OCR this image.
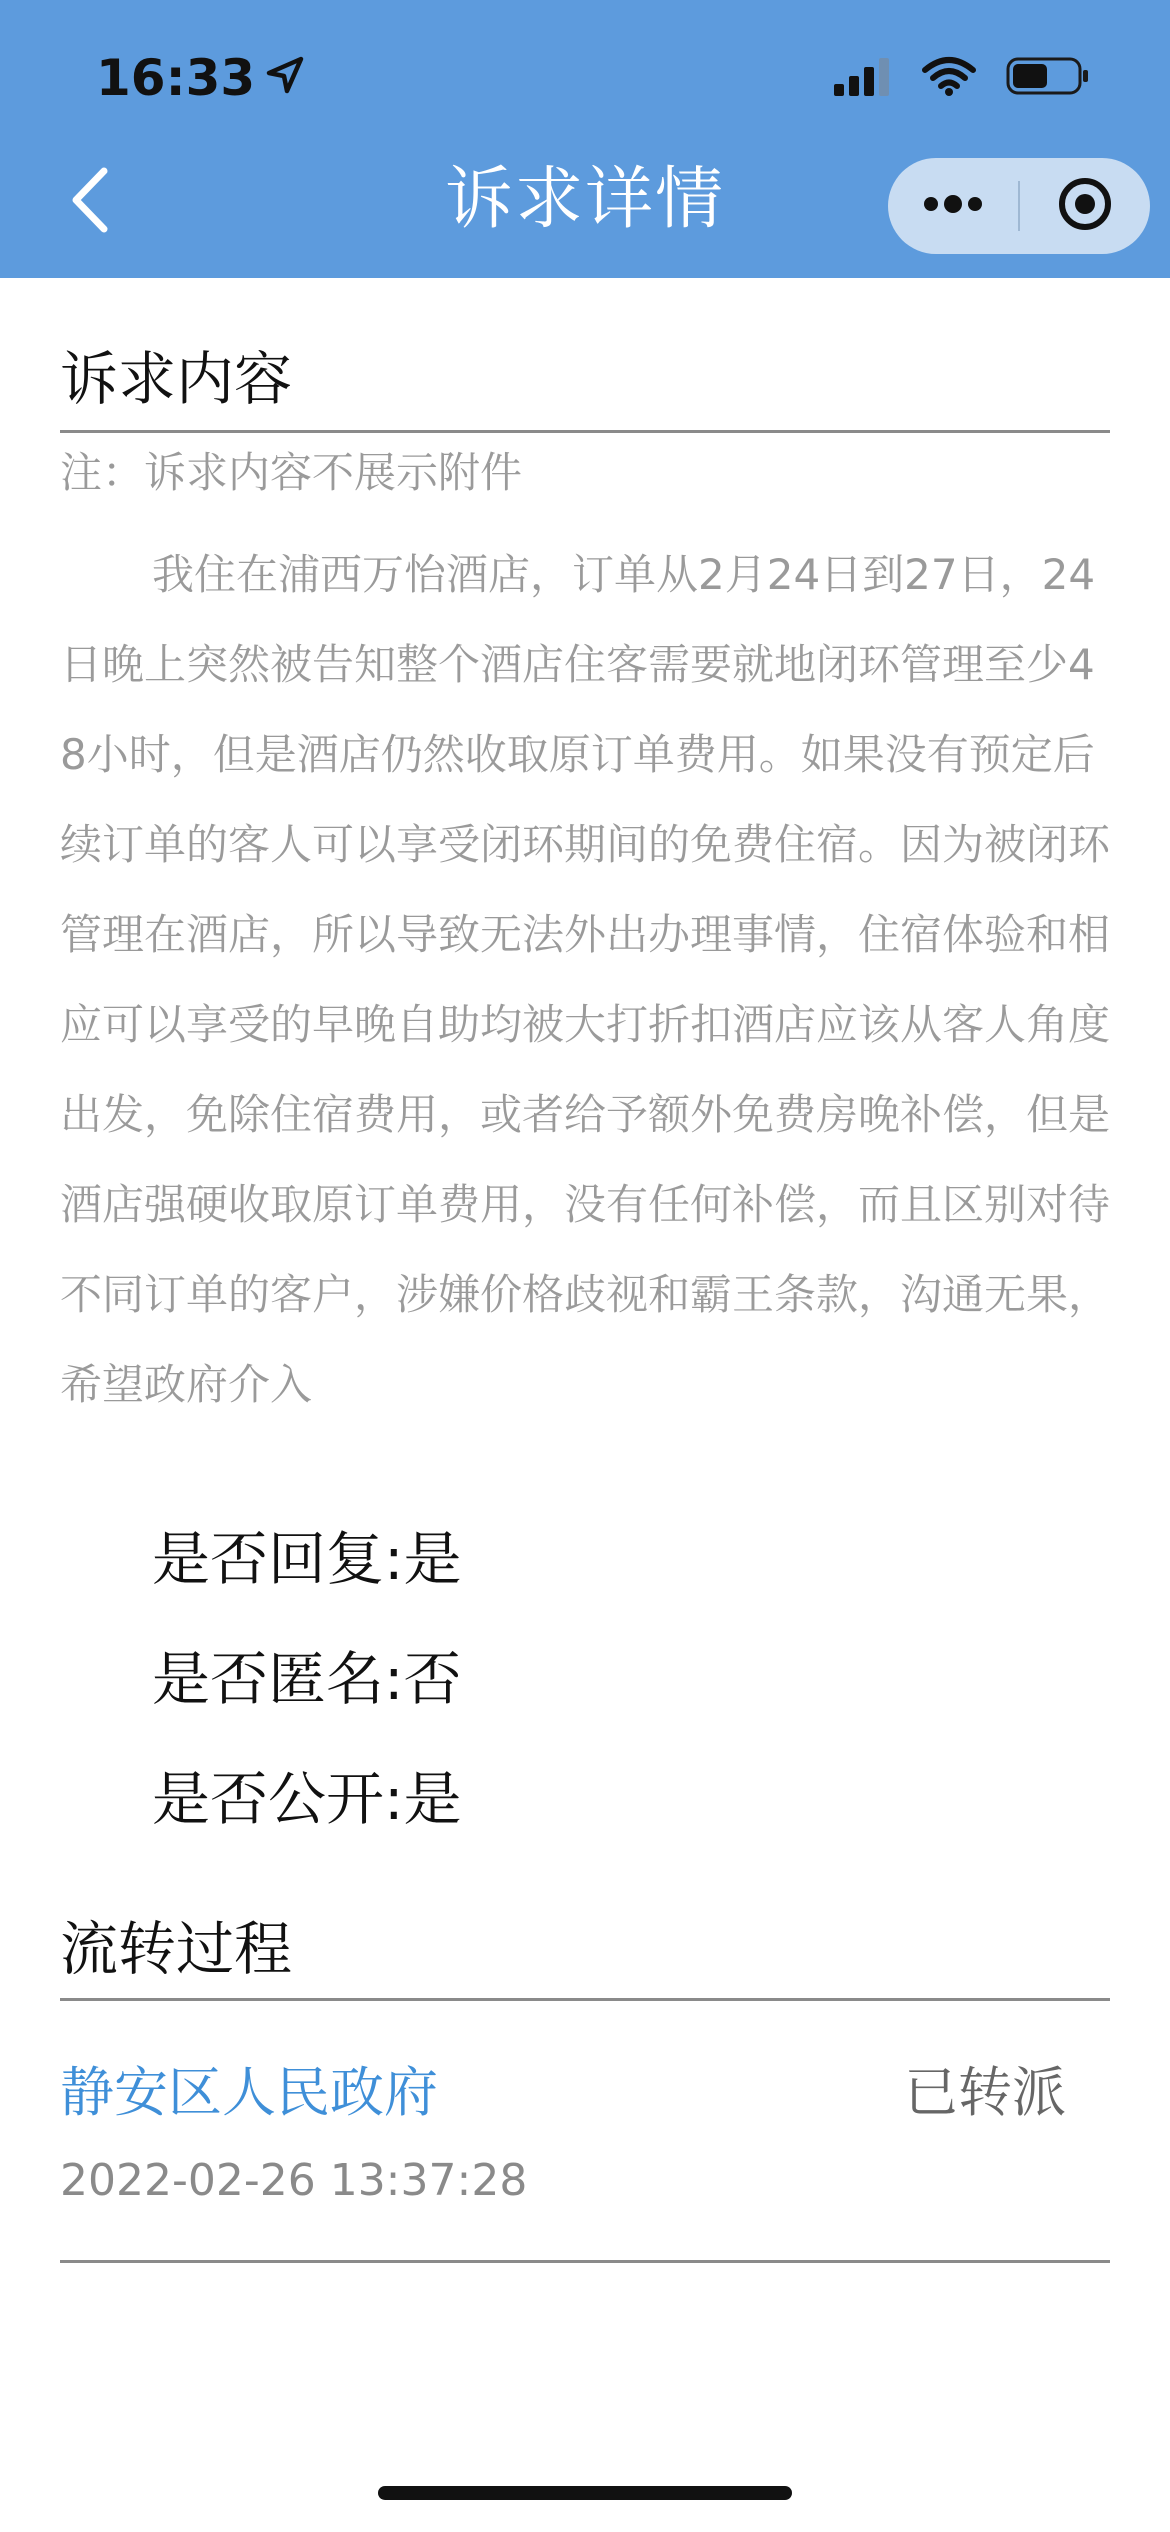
16:33
诉求详情
诉求内容
注：诉求内容不展示附件
我住在浦西万怡酒店，订单从2月24日到27日，24日晚上突然被告知整个酒店住客需要就地闭环管理至少48小时，但是酒店仍然收取原订单费用。如果没有预定后续订单的客人可以享受闭环期间的免费住宿。因为被闭环管理在酒店，所以导致无法外出办理事情，住宿体验和相应可以享受的早晚自助均被大打折扣酒店应该从客人角度出发，免除住宿费用，或者给予额外免费房晚补偿，但是酒店强硬收取原订单费用，没有任何补偿，而且区别对待不同订单的客户，涉嫌价格歧视和霸王条款，沟通无果，希望政府介入
是否回复:是
是否匿名:否
是否公开:是
流转过程
静安区人民政府	已转派
2022-02-26 13:37:28
